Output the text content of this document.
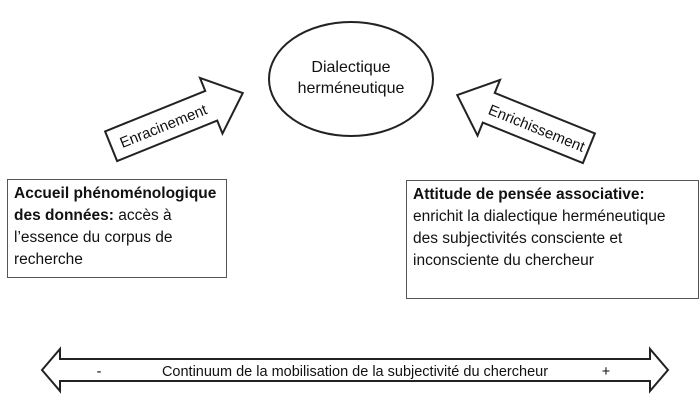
Enracinement	Enrichissement
-	Continuum de la mobilisation de la subjectivité du chercheur	+
Dialectique
herméneutique
Accueil phénoménologique des données: accès à l’essence du corpus de recherche
Attitude de pensée associative: enrichit la dialectique herméneutique des subjectivités consciente et inconsciente du chercheur
